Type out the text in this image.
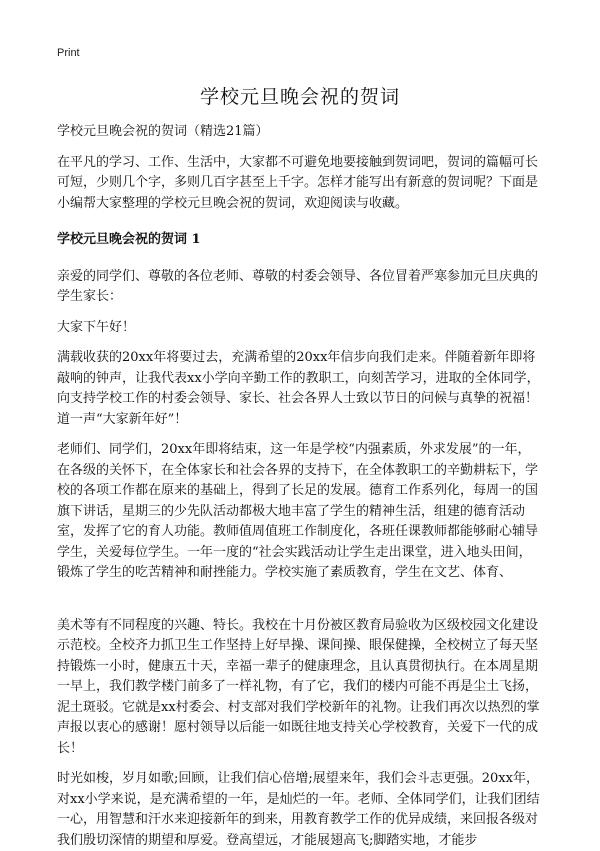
Print
学校元旦晚会祝的贺词

学校元旦晚会祝的贺词（精选21篇）

在平凡的学习、工作、生活中，大家都不可避免地要接触到贺词吧，贺词的篇幅可长可短，少则几个字，多则几百字甚至上千字。怎样才能写出有新意的贺词呢？下面是小编帮大家整理的学校元旦晚会祝的贺词，欢迎阅读与收藏。

学校元旦晚会祝的贺词 1

亲爱的同学们、尊敬的各位老师、尊敬的村委会领导、各位冒着严寒参加元旦庆典的学生家长：

大家下午好！

满载收获的20xx年将要过去，充满希望的20xx年信步向我们走来。伴随着新年即将敲响的钟声，让我代表xx小学向辛勤工作的教职工，向刻苦学习，进取的全体同学，向支持学校工作的村委会领导、家长、社会各界人士致以节日的问候与真挚的祝福！道一声“大家新年好”！

老师们、同学们，20xx年即将结束，这一年是学校“内强素质，外求发展”的一年，在各级的关怀下，在全体家长和社会各界的支持下，在全体教职工的辛勤耕耘下，学校的各项工作都在原来的基础上，得到了长足的发展。德育工作系列化，每周一的国旗下讲话，星期三的少先队活动都极大地丰富了学生的精神生活，组建的德育活动室，发挥了它的育人功能。教师值周值班工作制度化，各班任课教师都能够耐心辅导学生，关爱每位学生。一年一度的“社会实践活动让学生走出课堂，进入地头田间，锻炼了学生的吃苦精神和耐挫能力。学校实施了素质教育，学生在文艺、体育、

美术等有不同程度的兴趣、特长。我校在十月份被区教育局验收为区级校园文化建设示范校。全校齐力抓卫生工作坚持上好早操、课间操、眼保健操，全校树立了每天坚持锻炼一小时，健康五十天，幸福一辈子的健康理念，且认真贯彻执行。在本周星期一早上，我们教学楼门前多了一样礼物，有了它，我们的楼内可能不再是尘土飞扬，泥土斑驳。它就是xx村委会、村支部对我们学校新年的礼物。让我们再次以热烈的掌声报以衷心的感谢！愿村领导以后能一如既往地支持关心学校教育，关爱下一代的成长！

时光如梭，岁月如歌;回顾，让我们信心倍增;展望来年，我们会斗志更强。20xx年，对xx小学来说，是充满希望的一年，是灿烂的一年。老师、全体同学们，让我们团结一心，用智慧和汗水来迎接新年的到来，用教育教学工作的优异成绩，来回报各级对我们殷切深情的期望和厚爱。登高望远，才能展翅高飞;脚踏实地，才能步
